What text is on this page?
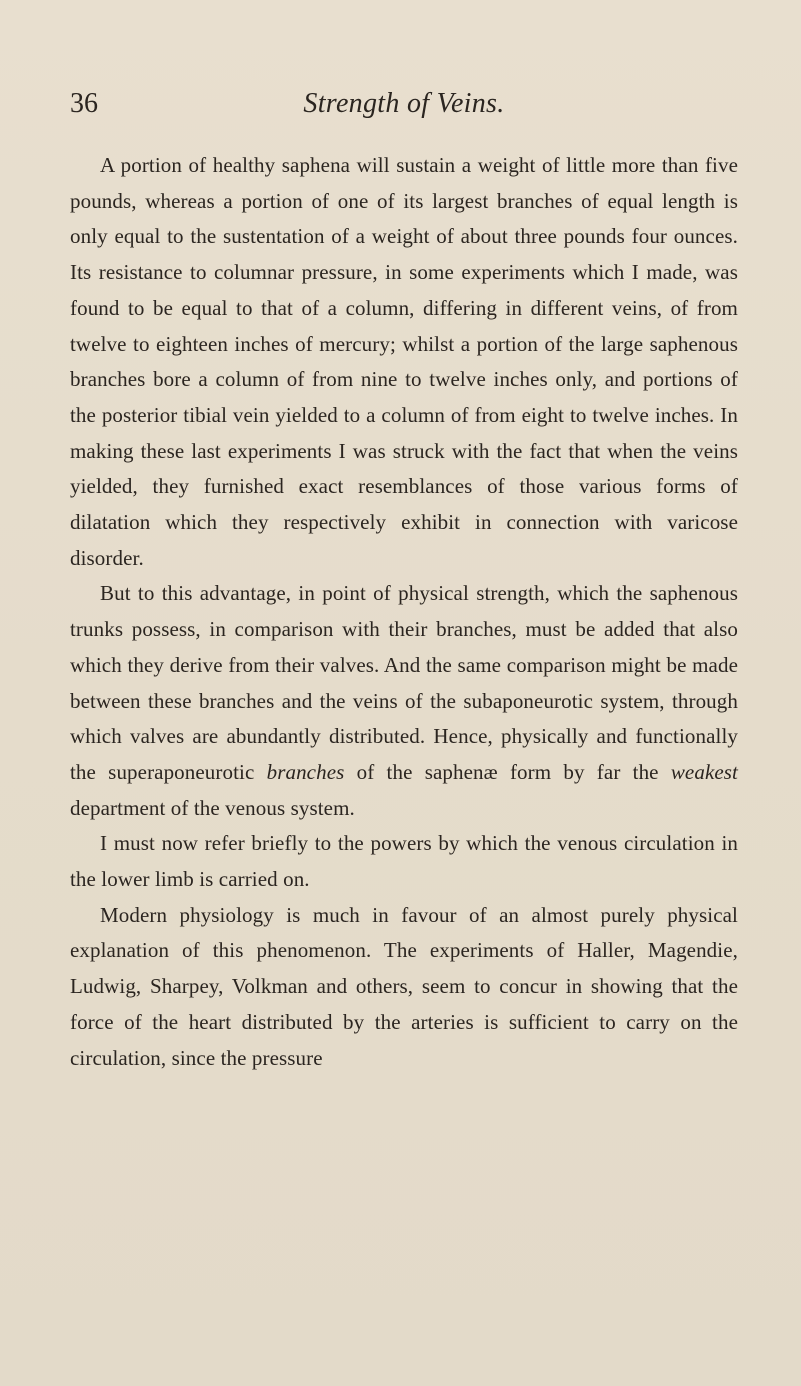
36	Strength of Veins.

A portion of healthy saphena will sustain a weight of little more than five pounds, whereas a portion of one of its largest branches of equal length is only equal to the sustentation of a weight of about three pounds four ounces. Its resistance to columnar pressure, in some experiments which I made, was found to be equal to that of a column, differing in different veins, of from twelve to eighteen inches of mercury; whilst a portion of the large saphenous branches bore a column of from nine to twelve inches only, and portions of the posterior tibial vein yielded to a column of from eight to twelve inches. In making these last experiments I was struck with the fact that when the veins yielded, they furnished exact resemblances of those various forms of dilatation which they respectively exhibit in connection with varicose disorder.

But to this advantage, in point of physical strength, which the saphenous trunks possess, in comparison with their branches, must be added that also which they derive from their valves. And the same comparison might be made between these branches and the veins of the subaponeurotic system, through which valves are abundantly distributed. Hence, physically and functionally the superaponeurotic branches of the saphenæ form by far the weakest department of the venous system.

I must now refer briefly to the powers by which the venous circulation in the lower limb is carried on.

Modern physiology is much in favour of an almost purely physical explanation of this phenomenon. The experiments of Haller, Magendie, Ludwig, Sharpey, Volkman and others, seem to concur in showing that the force of the heart distributed by the arteries is sufficient to carry on the circulation, since the pressure
